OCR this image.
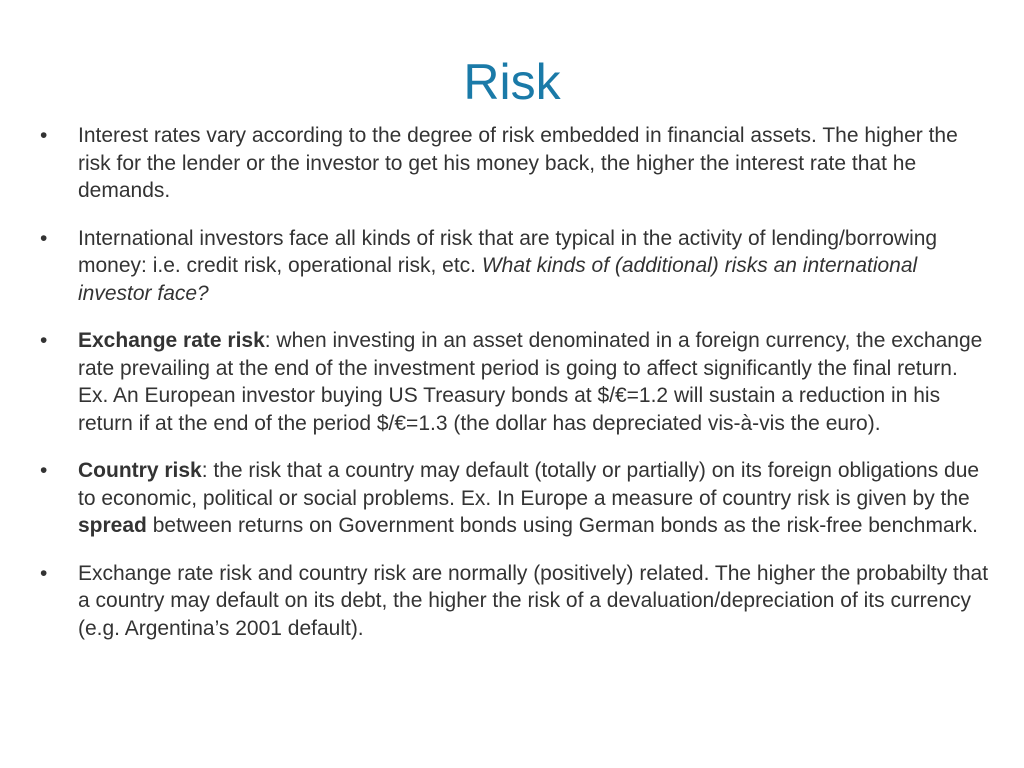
Risk
•	Interest rates vary according to the degree of risk embedded in financial assets. The higher the risk for the lender or the investor to get his money back, the higher the interest rate that he demands.
•	International investors face all kinds of risk that are typical in the activity of lending/borrowing money: i.e. credit risk, operational risk, etc. What kinds of (additional) risks an international investor face?
•	Exchange rate risk: when investing in an asset denominated in a foreign currency, the exchange rate prevailing at the end of the investment period is going to affect significantly the final return. Ex. An European investor buying US Treasury bonds at $/€=1.2 will sustain a reduction in his return if at the end of the period $/€=1.3 (the dollar has depreciated vis-à-vis the euro).
•	Country risk: the risk that a country may default (totally or partially) on its foreign obligations due to economic, political or social problems. Ex. In Europe a measure of country risk is given by the spread between returns on Government bonds using German bonds as the risk-free benchmark.
•	Exchange rate risk and country risk are normally (positively) related. The higher the probabilty that a country may default on its debt, the higher the risk of a devaluation/depreciation of its currency (e.g. Argentina’s 2001 default).
